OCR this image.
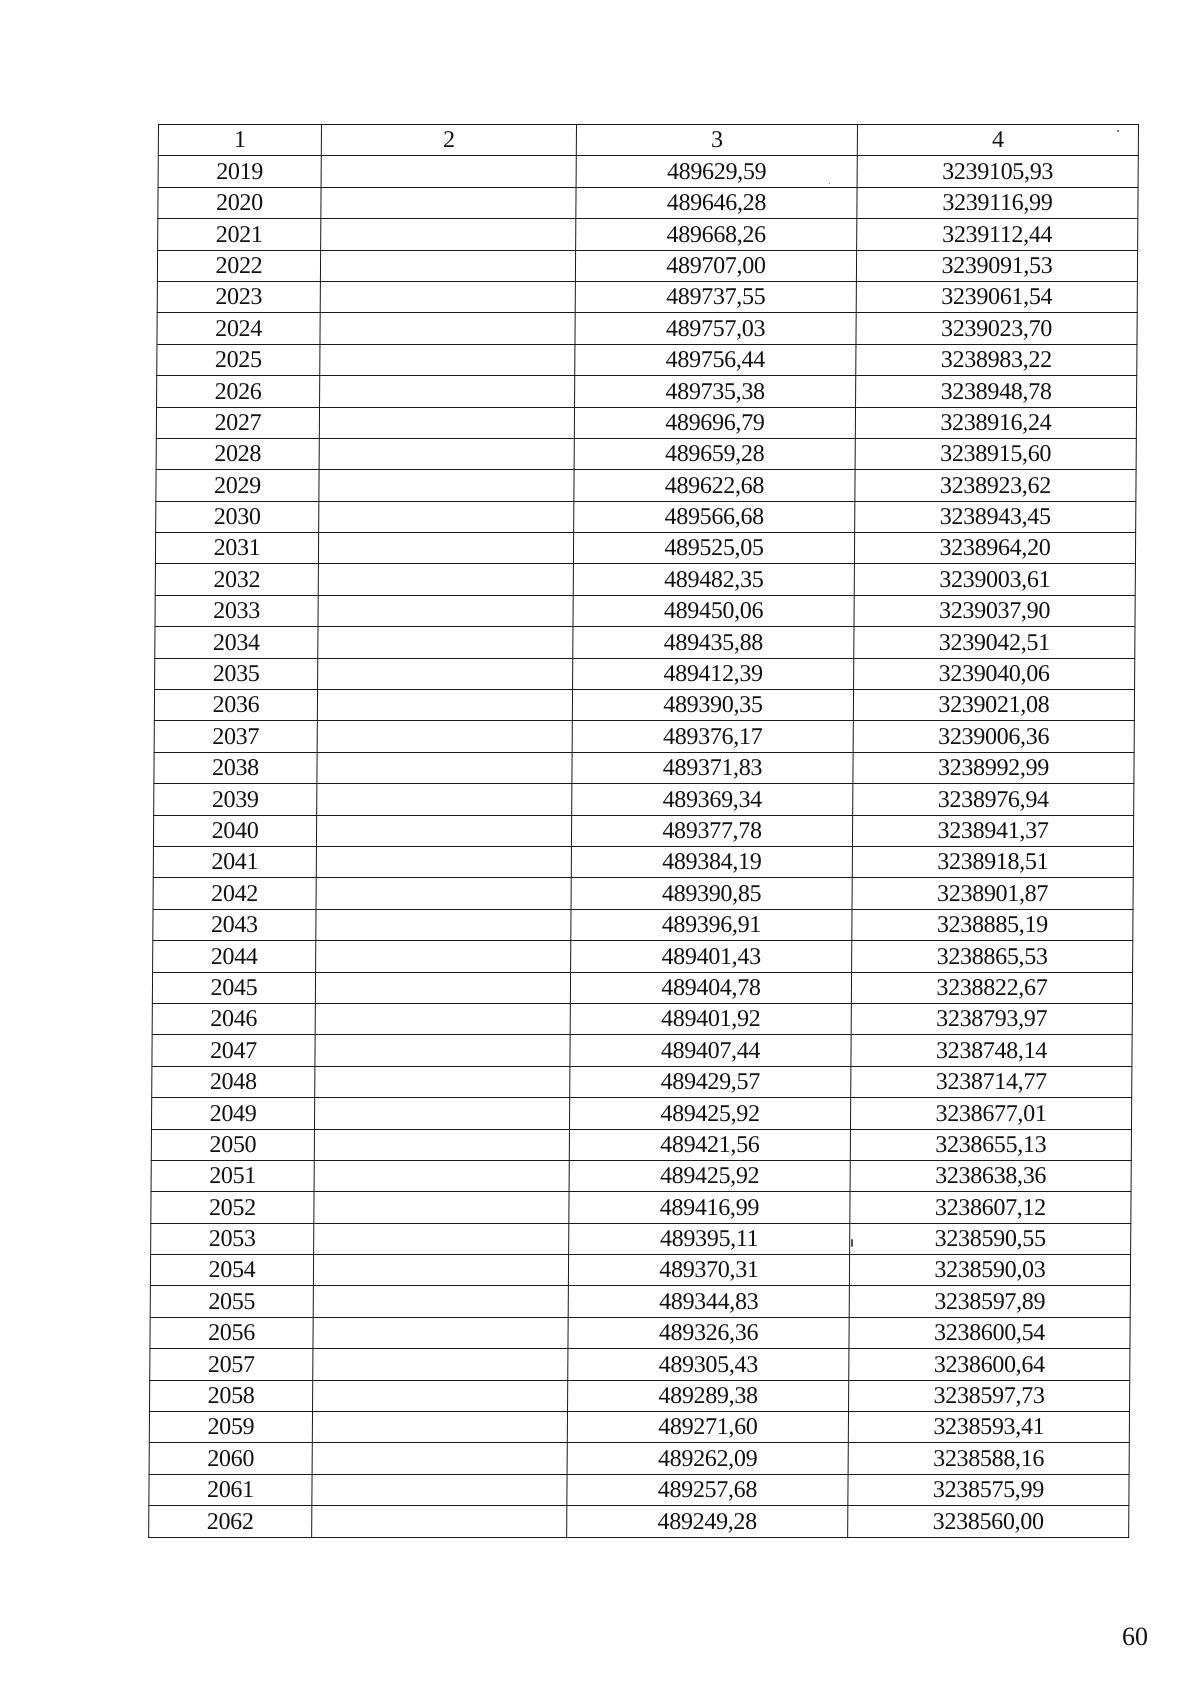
1	2	3	4
2019		489629,59	3239105,93
2020		489646,28	3239116,99
2021		489668,26	3239112,44
2022		489707,00	3239091,53
2023		489737,55	3239061,54
2024		489757,03	3239023,70
2025		489756,44	3238983,22
2026		489735,38	3238948,78
2027		489696,79	3238916,24
2028		489659,28	3238915,60
2029		489622,68	3238923,62
2030		489566,68	3238943,45
2031		489525,05	3238964,20
2032		489482,35	3239003,61
2033		489450,06	3239037,90
2034		489435,88	3239042,51
2035		489412,39	3239040,06
2036		489390,35	3239021,08
2037		489376,17	3239006,36
2038		489371,83	3238992,99
2039		489369,34	3238976,94
2040		489377,78	3238941,37
2041		489384,19	3238918,51
2042		489390,85	3238901,87
2043		489396,91	3238885,19
2044		489401,43	3238865,53
2045		489404,78	3238822,67
2046		489401,92	3238793,97
2047		489407,44	3238748,14
2048		489429,57	3238714,77
2049		489425,92	3238677,01
2050		489421,56	3238655,13
2051		489425,92	3238638,36
2052		489416,99	3238607,12
2053		489395,11	3238590,55
2054		489370,31	3238590,03
2055		489344,83	3238597,89
2056		489326,36	3238600,54
2057		489305,43	3238600,64
2058		489289,38	3238597,73
2059		489271,60	3238593,41
2060		489262,09	3238588,16
2061		489257,68	3238575,99
2062		489249,28	3238560,00
60
